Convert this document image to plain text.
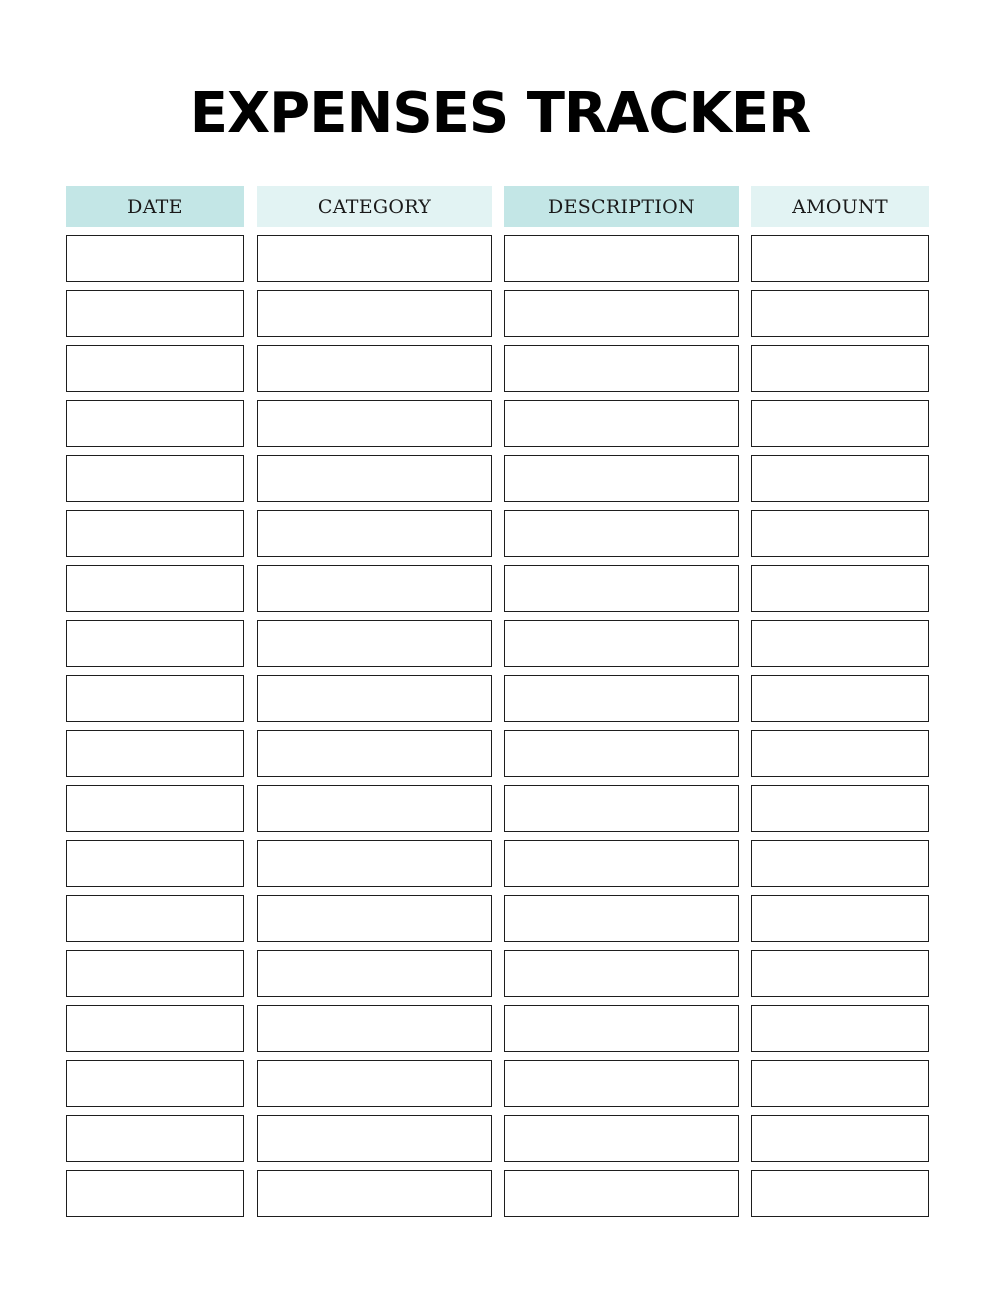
EXPENSES TRACKER
DATE	CATEGORY	DESCRIPTION	AMOUNT
